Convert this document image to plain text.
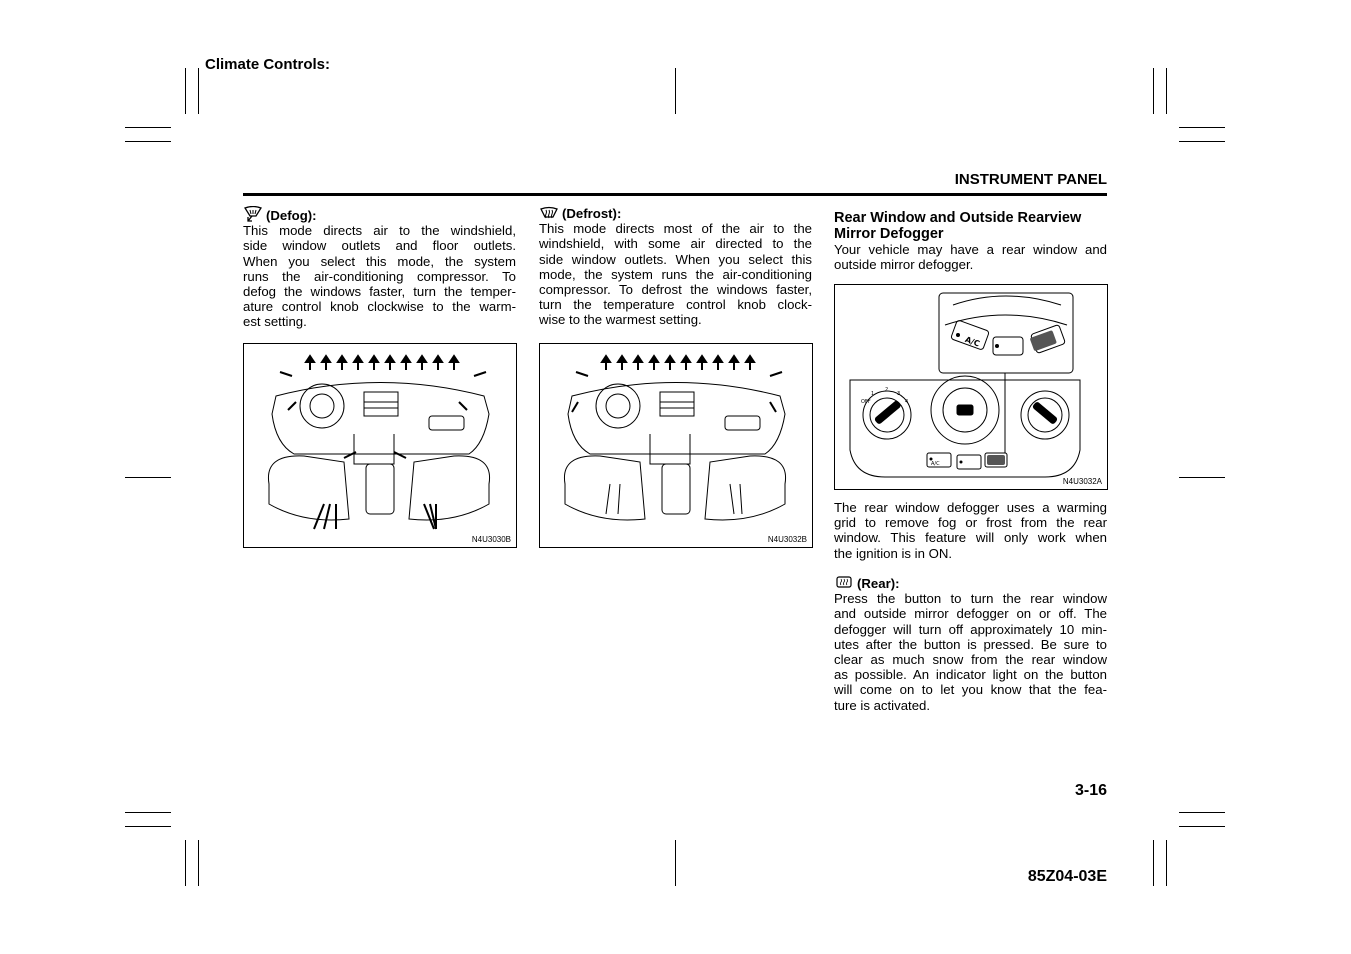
Climate Controls:
INSTRUMENT PANEL

(Defog):

This mode directs air to the windshield,

side window outlets and floor outlets.

When you select this mode, the system

runs the air-conditioning compressor. To

defog the windows faster, turn the temper-

ature control knob clockwise to the warm-

est setting.

N4U3030B

(Defrost):

This mode directs most of the air to the

windshield, with some air directed to the

side window outlets. When you select this

mode, the system runs the air-conditioning

compressor. To defrost the windows faster,

turn the temperature control knob clock-

wise to the warmest setting.

N4U3032B

Rear Window and Outside Rearview

Mirror Defogger

Your vehicle may have a rear window and

outside mirror defogger.

A/C
A/C
OFF
1
2
3
4
N4U3032A

The rear window defogger uses a warming

grid to remove fog or frost from the rear

window. This feature will only work when

the ignition is in ON.

(Rear):

Press the button to turn the rear window

and outside mirror defogger on or off. The

defogger will turn off approximately 10 min-

utes after the button is pressed. Be sure to

clear as much snow from the rear window

as possible. An indicator light on the button

will come on to let you know that the fea-

ture is activated.

3-16
85Z04-03E
